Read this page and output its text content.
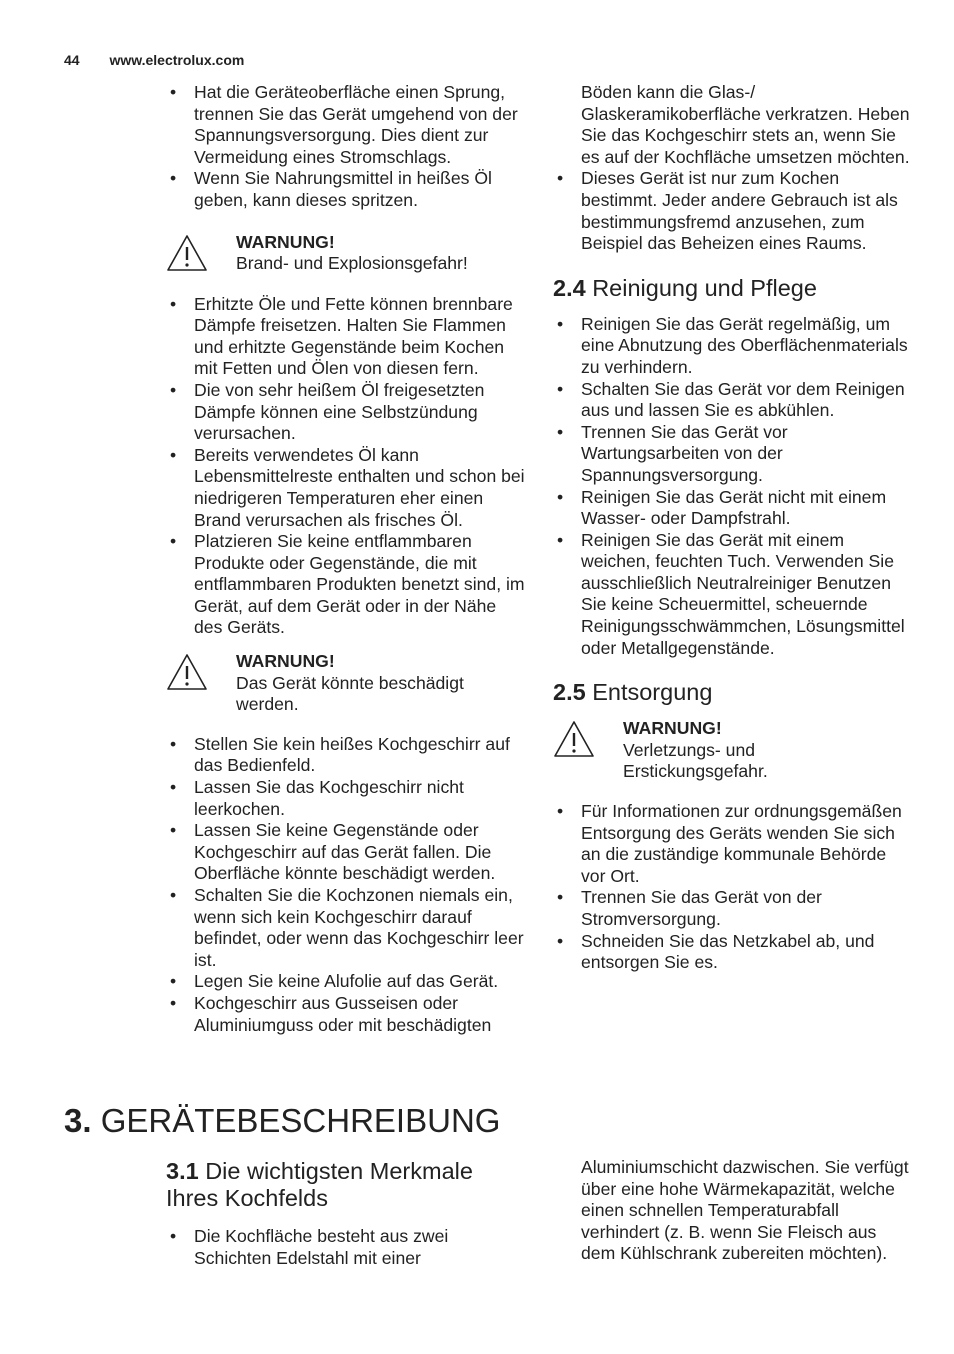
44 www.electrolux.com
• Hat die Geräteoberfläche einen Sprung, trennen Sie das Gerät umgehend von der Spannungsversorgung. Dies dient zur Vermeidung eines Stromschlags.
• Wenn Sie Nahrungsmittel in heißes Öl geben, kann dieses spritzen.
WARNUNG!
Brand- und Explosionsgefahr!
• Erhitzte Öle und Fette können brennbare Dämpfe freisetzen. Halten Sie Flammen und erhitzte Gegenstände beim Kochen mit Fetten und Ölen von diesen fern.
• Die von sehr heißem Öl freigesetzten Dämpfe können eine Selbstzündung verursachen.
• Bereits verwendetes Öl kann Lebensmittelreste enthalten und schon bei niedrigeren Temperaturen eher einen Brand verursachen als frisches Öl.
• Platzieren Sie keine entflammbaren Produkte oder Gegenstände, die mit entflammbaren Produkten benetzt sind, im Gerät, auf dem Gerät oder in der Nähe des Geräts.
WARNUNG!
Das Gerät könnte beschädigt werden.
• Stellen Sie kein heißes Kochgeschirr auf das Bedienfeld.
• Lassen Sie das Kochgeschirr nicht leerkochen.
• Lassen Sie keine Gegenstände oder Kochgeschirr auf das Gerät fallen. Die Oberfläche könnte beschädigt werden.
• Schalten Sie die Kochzonen niemals ein, wenn sich kein Kochgeschirr darauf befindet, oder wenn das Kochgeschirr leer ist.
• Legen Sie keine Alufolie auf das Gerät.
• Kochgeschirr aus Gusseisen oder Aluminiumguss oder mit beschädigten
Böden kann die Glas-/ Glaskeramikoberfläche verkratzen. Heben Sie das Kochgeschirr stets an, wenn Sie es auf der Kochfläche umsetzen möchten.
• Dieses Gerät ist nur zum Kochen bestimmt. Jeder andere Gebrauch ist als bestimmungsfremd anzusehen, zum Beispiel das Beheizen eines Raums.
2.4 Reinigung und Pflege
• Reinigen Sie das Gerät regelmäßig, um eine Abnutzung des Oberflächenmaterials zu verhindern.
• Schalten Sie das Gerät vor dem Reinigen aus und lassen Sie es abkühlen.
• Trennen Sie das Gerät vor Wartungsarbeiten von der Spannungsversorgung.
• Reinigen Sie das Gerät nicht mit einem Wasser- oder Dampfstrahl.
• Reinigen Sie das Gerät mit einem weichen, feuchten Tuch. Verwenden Sie ausschließlich Neutralreiniger Benutzen Sie keine Scheuermittel, scheuernde Reinigungsschwämmchen, Lösungsmittel oder Metallgegenstände.
2.5 Entsorgung
WARNUNG!
Verletzungs- und Erstickungsgefahr.
• Für Informationen zur ordnungsgemäßen Entsorgung des Geräts wenden Sie sich an die zuständige kommunale Behörde vor Ort.
• Trennen Sie das Gerät von der Stromversorgung.
• Schneiden Sie das Netzkabel ab, und entsorgen Sie es.
3. GERÄTEBESCHREIBUNG
3.1 Die wichtigsten Merkmale Ihres Kochfelds
• Die Kochfläche besteht aus zwei Schichten Edelstahl mit einer
Aluminiumschicht dazwischen. Sie verfügt über eine hohe Wärmekapazität, welche einen schnellen Temperaturabfall verhindert (z. B. wenn Sie Fleisch aus dem Kühlschrank zubereiten möchten).
